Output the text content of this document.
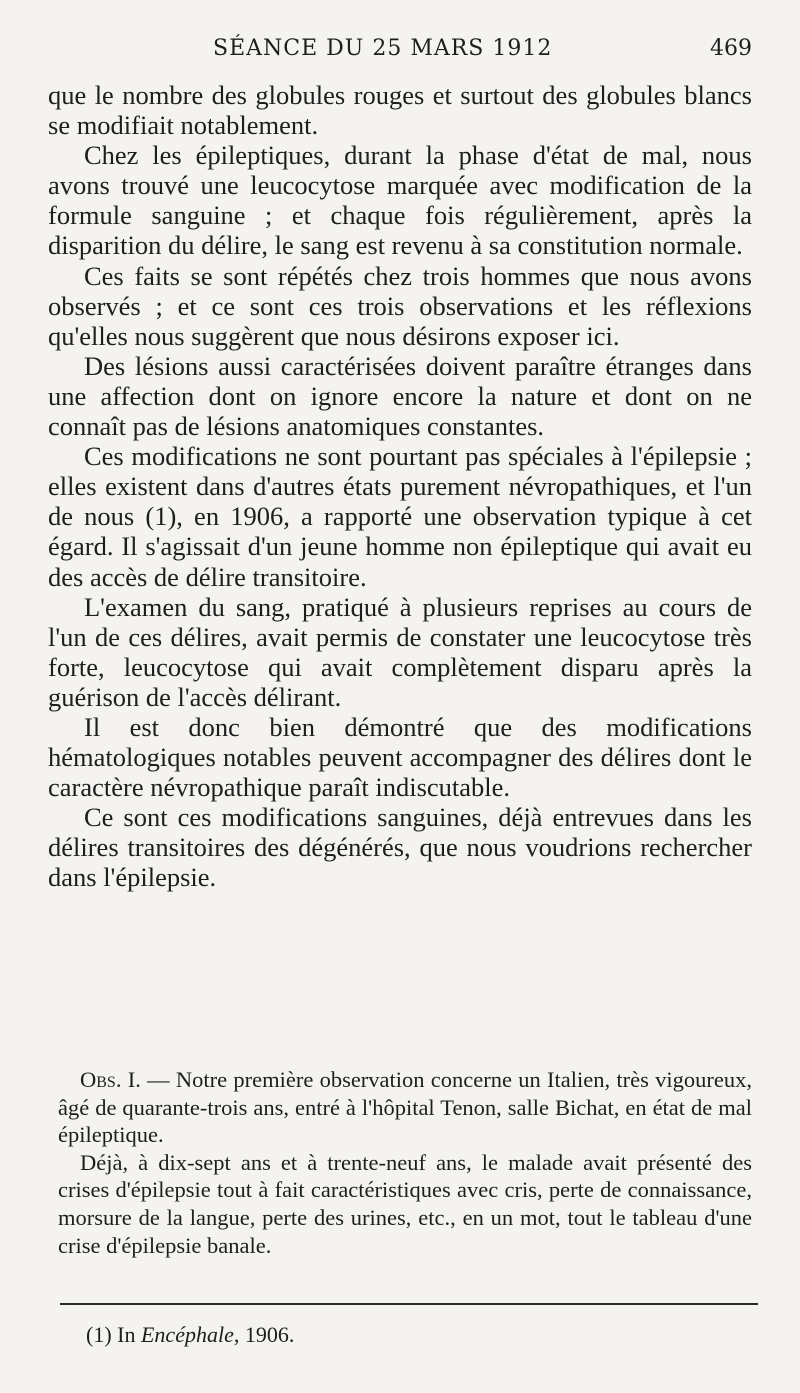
SÉANCE DU 25 MARS 1912	469

que le nombre des globules rouges et surtout des globules blancs se modifiait notablement.

Chez les épileptiques, durant la phase d'état de mal, nous avons trouvé une leucocytose marquée avec modification de la formule sanguine ; et chaque fois régulièrement, après la disparition du délire, le sang est revenu à sa constitution normale.

Ces faits se sont répétés chez trois hommes que nous avons observés ; et ce sont ces trois observations et les réflexions qu'elles nous suggèrent que nous désirons exposer ici.

Des lésions aussi caractérisées doivent paraître étranges dans une affection dont on ignore encore la nature et dont on ne connaît pas de lésions anatomiques constantes.

Ces modifications ne sont pourtant pas spéciales à l'épilepsie ; elles existent dans d'autres états purement névropathiques, et l'un de nous (1), en 1906, a rapporté une observation typique à cet égard. Il s'agissait d'un jeune homme non épileptique qui avait eu des accès de délire transitoire.

L'examen du sang, pratiqué à plusieurs reprises au cours de l'un de ces délires, avait permis de constater une leucocytose très forte, leucocytose qui avait complètement disparu après la guérison de l'accès délirant.

Il est donc bien démontré que des modifications hématologiques notables peuvent accompagner des délires dont le caractère névropathique paraît indiscutable.

Ce sont ces modifications sanguines, déjà entrevues dans les délires transitoires des dégénérés, que nous voudrions rechercher dans l'épilepsie.

Obs. I. — Notre première observation concerne un Italien, très vigoureux, âgé de quarante-trois ans, entré à l'hôpital Tenon, salle Bichat, en état de mal épileptique.

Déjà, à dix-sept ans et à trente-neuf ans, le malade avait présenté des crises d'épilepsie tout à fait caractéristiques avec cris, perte de connaissance, morsure de la langue, perte des urines, etc., en un mot, tout le tableau d'une crise d'épilepsie banale.

(1) In Encéphale, 1906.
